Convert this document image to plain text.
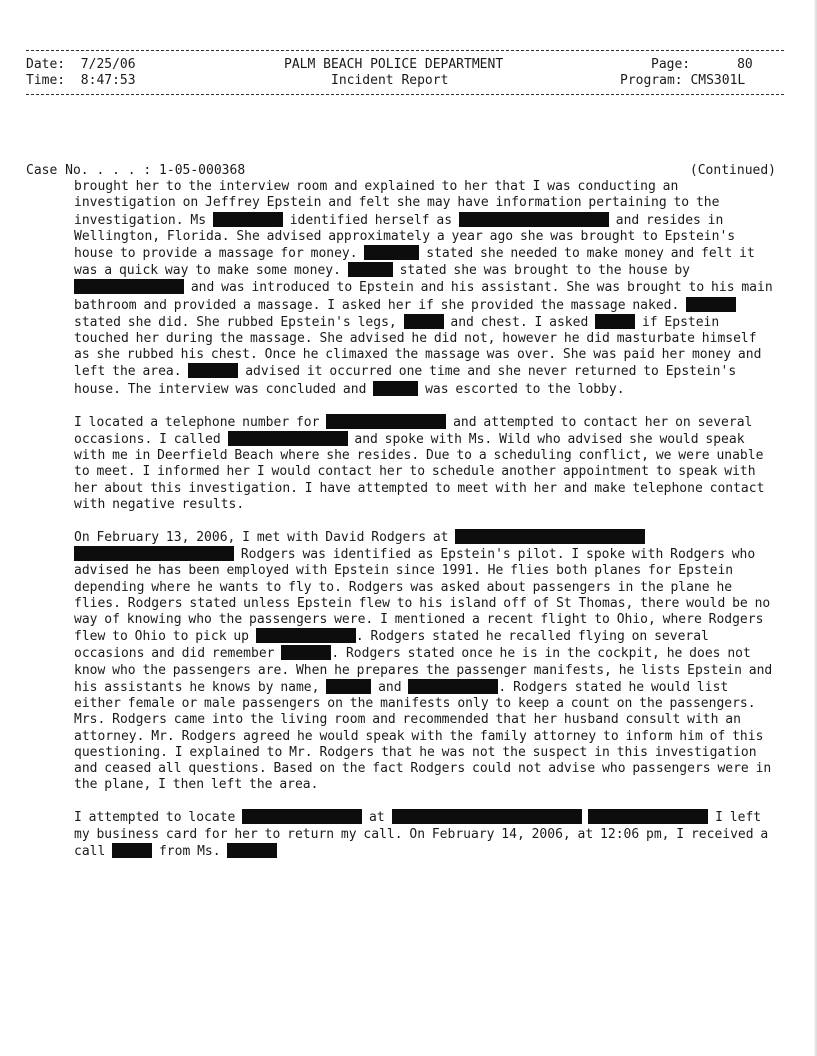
Date: 7/25/06
Time: 8:47:53
PALM BEACH POLICE DEPARTMENT
Incident Report
Page:	80
Program: CMS301L
Case No. . . . : 1-05-000368	(Continued)

brought her to the interview room and explained to her that I was conducting an investigation on Jeffrey Epstein and felt she may have information pertaining to the investigation. Ms	identified herself as	and resides in Wellington, Florida. She advised approximately a year ago she was brought to Epstein's house to provide a massage for money.	stated she needed to make money and felt it was a quick way to make some money.	stated she was brought to the house by  and was introduced to Epstein and his assistant. She was brought to his main bathroom and provided a massage. I asked her if she provided the massage naked.  stated she did. She rubbed Epstein's legs,	and chest. I asked	if Epstein touched her during the massage. She advised he did not, however he did masturbate himself as she rubbed his chest. Once he climaxed the massage was over. She was paid her money and left the area.	advised it occurred one time and she never returned to Epstein's house. The interview was concluded and	was escorted to the lobby.

I located a telephone number for	and attempted to contact her on several occasions. I called	and spoke with Ms. Wild who advised she would speak with me in Deerfield Beach where she resides. Due to a scheduling conflict, we were unable to meet. I informed her I would contact her to schedule another appointment to speak with her about this investigation. I have attempted to meet with her and make telephone contact with negative results.

On February 13, 2006, I met with David Rodgers at   Rodgers was identified as Epstein's pilot. I spoke with Rodgers who advised he has been employed with Epstein since 1991. He flies both planes for Epstein depending where he wants to fly to. Rodgers was asked about passengers in the plane he flies. Rodgers stated unless Epstein flew to his island off of St Thomas, there would be no way of knowing who the passengers were. I mentioned a recent flight to Ohio, where Rodgers flew to Ohio to pick up	. Rodgers stated he recalled flying on several occasions and did remember	. Rodgers stated once he is in the cockpit, he does not know who the passengers are. When he prepares the passenger manifests, he lists Epstein and his assistants he knows by name,	and	. Rodgers stated he would list either female or male passengers on the manifests only to keep a count on the passengers. Mrs. Rodgers came into the living room and recommended that her husband consult with an attorney. Mr. Rodgers agreed he would speak with the family attorney to inform him of this questioning. I explained to Mr. Rodgers that he was not the suspect in this investigation and ceased all questions. Based on the fact Rodgers could not advise who passengers were in the plane, I then left the area.

I attempted to locate	at	I left my business card for her to return my call. On February 14, 2006, at 12:06 pm, I received a call	from Ms.
